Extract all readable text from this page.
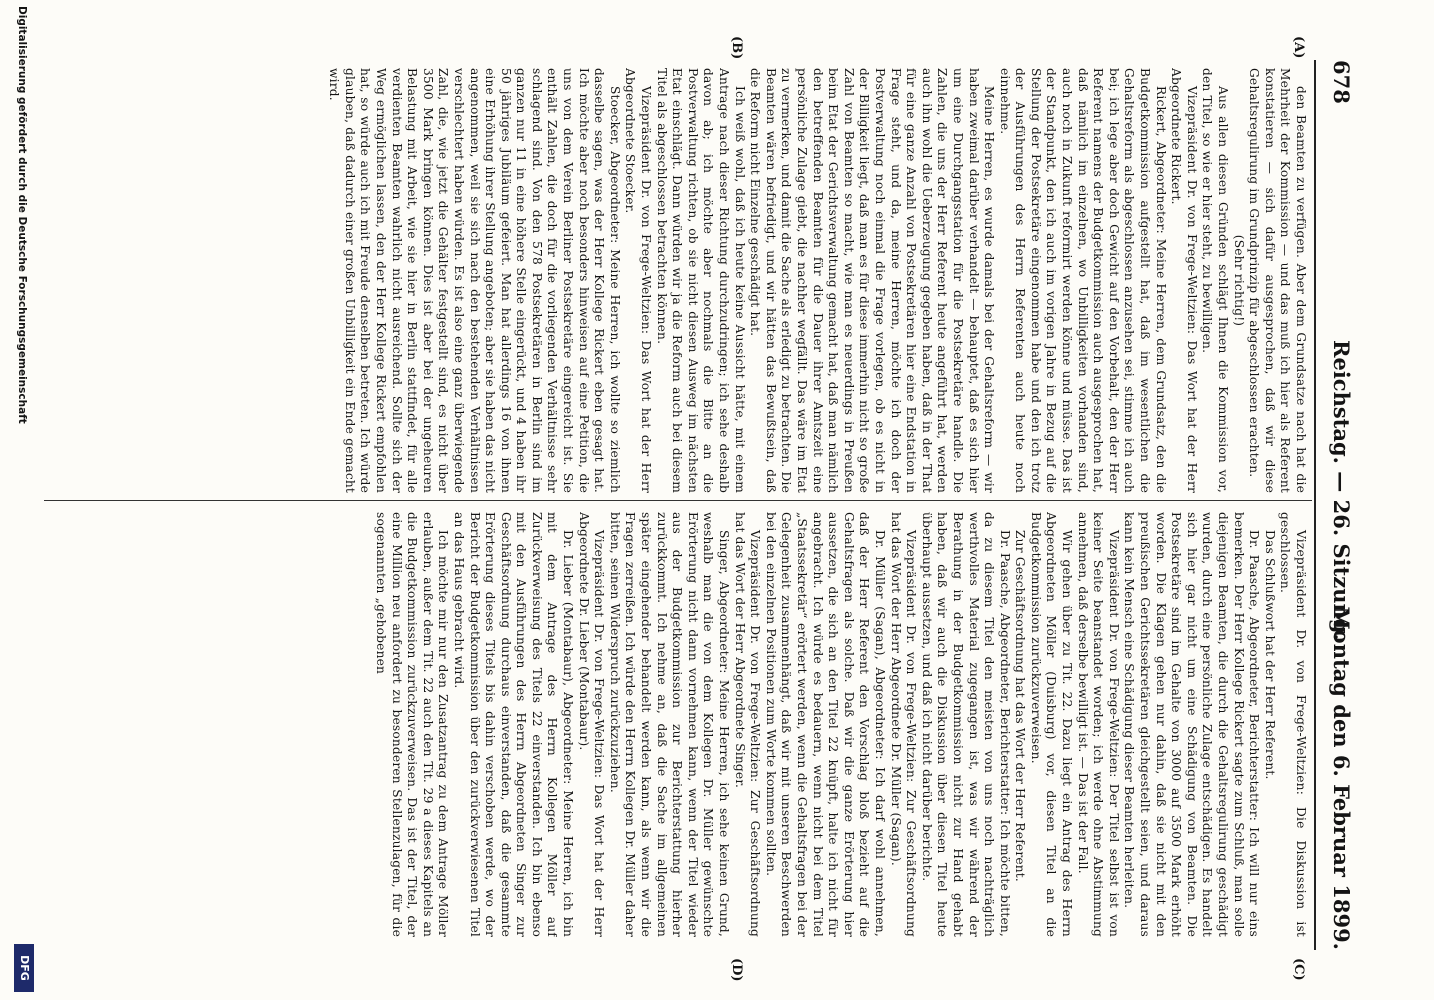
678
Reichstag. — 26. Sitzung.
Montag den 6. Februar 1899.
(A)
(B)
(C)
(D)

den Beamten zu verfügen. Aber dem Grundsatze nach hat die Mehrheit der Kommission — und das muß ich hier als Referent konstatieren — sich dafür ausgesprochen, daß wir diese Gehaltsregulirung im Grundprinzip für abgeschlossen erachten.

(Sehr richtig!)

Aus allen diesen Gründen schlägt Ihnen die Kommission vor, den Titel, so wie er hier steht, zu bewilligen.

Vizepräsident Dr. von Frege-Weltzien: Das Wort hat der Herr Abgeordnete Rickert.

Rickert, Abgeordneter: Meine Herren, dem Grundsatz, den die Budgetkommission aufgestellt hat, daß im wesentlichen die Gehaltsreform als abgeschlossen anzusehen sei, stimme ich auch bei; ich lege aber doch Gewicht auf den Vorbehalt, den der Herr Referent namens der Budgetkommission auch ausgesprochen hat, daß nämlich im einzelnen, wo Unbilligkeiten vorhanden sind, auch noch in Zukunft reformirt werden könne und müsse. Das ist der Standpunkt, den ich auch im vorigen Jahre in Bezug auf die Stellung der Postsekretäre eingenommen habe und den ich trotz der Ausführungen des Herrn Referenten auch heute noch einnehme.

Meine Herren, es wurde damals bei der Gehaltsreform — wir haben zweimal darüber verhandelt — behauptet, daß es sich hier um eine Durchgangsstation für die Postsekretäre handle. Die Zahlen, die uns der Herr Referent heute angeführt hat, werden auch ihn wohl die Ueberzeugung gegeben haben, daß in der That für eine ganze Anzahl von Postsekretären hier eine Endstation in Frage steht, und da, meine Herren, möchte ich doch der Postverwaltung noch einmal die Frage vorlegen, ob es nicht in der Billigkeit liegt, daß man es für diese immerhin nicht so große Zahl von Beamten so macht, wie man es neuerdings in Preußen beim Etat der Gerichtsverwaltung gemacht hat, daß man nämlich den betreffenden Beamten für die Dauer ihrer Amtszeit eine persönliche Zulage giebt, die nachher wegfällt. Das wäre im Etat zu vermerken, und damit die Sache als erledigt zu betrachten. Die Beamten wären befriedigt, und wir hätten das Bewußtsein, daß die Reform nicht Einzelne geschädigt hat.

Ich weiß wohl, daß ich heute keine Aussicht hätte, mit einem Antrage nach dieser Richtung durchzudringen; ich sehe deshalb davon ab; ich möchte aber nochmals die Bitte an die Postverwaltung richten, ob sie nicht diesen Ausweg im nächsten Etat einschlägt. Dann würden wir ja die Reform auch bei diesem Titel als abgeschlossen betrachten können.

Vizepräsident Dr. von Frege-Weltzien: Das Wort hat der Herr Abgeordnete Stoecker.

Stoecker, Abgeordneter: Meine Herren, ich wollte so ziemlich dasselbe sagen, was der Herr Kollege Rickert eben gesagt hat. Ich möchte aber noch besonders hinweisen auf eine Petition, die uns von dem Verein Berliner Postsekretäre eingereicht ist. Sie enthält Zahlen, die doch für die vorliegenden Verhältnisse sehr schlagend sind. Von den 578 Postsekretären in Berlin sind im ganzen nur 11 in eine höhere Stelle eingerückt, und 4 haben ihr 50 jähriges Jubiläum gefeiert. Man hat allerdings 16 von ihnen eine Erhöhung ihrer Stellung angeboten; aber sie haben das nicht angenommen, weil sie sich nach den bestehenden Verhältnissen verschlechtert haben würden. Es ist also eine ganz überwiegende Zahl, die, wie jetzt die Gehälter festgestellt sind, es nicht über 3500 Mark bringen können. Dies ist aber bei der ungeheuren Belastung mit Arbeit, wie sie hier in Berlin stattfindet, für alle verdienten Beamten wahrlich nicht ausreichend. Sollte sich der Weg ermöglichen lassen, den der Herr Kollege Rickert empfohlen hat, so würde auch ich mit Freude denselben betreten. Ich würde glauben, daß dadurch einer großen Unbilligkeit ein Ende gemacht wird.

Vizepräsident Dr. von Frege-Weltzien: Die Diskussion ist geschlossen.

Das Schlußwort hat der Herr Referent.

Dr. Paasche, Abgeordneter, Berichterstatter: Ich will nur eins bemerken. Der Herr Kollege Rickert sagte zum Schluß, man solle diejenigen Beamten, die durch die Gehaltsregulirung geschädigt wurden, durch eine persönliche Zulage entschädigen. Es handelt sich hier gar nicht um eine Schädigung von Beamten. Die Postsekretäre sind im Gehalte von 3000 auf 3500 Mark erhöht worden. Die Klagen gehen nur dahin, daß sie nicht mit den preußischen Gerichtssekretären gleichgestellt seien, und daraus kann kein Mensch eine Schädigung dieser Beamten herleiten.

Vizepräsident Dr. von Frege-Weltzien: Der Titel selbst ist von keiner Seite beanstandet worden; ich werde ohne Abstimmung annehmen, daß derselbe bewilligt ist. — Das ist der Fall.

Wir gehen über zu Tit. 22. Dazu liegt ein Antrag des Herrn Abgeordneten Möller (Duisburg) vor, diesen Titel an die Budgetkommission zurückzuverweisen.

Zur Geschäftsordnung hat das Wort der Herr Referent.

Dr. Paasche, Abgeordneter, Berichterstatter: Ich möchte bitten, da zu diesem Titel den meisten von uns noch nachträglich werthvolles Material zugegangen ist, was wir während der Berathung in der Budgetkommission nicht zur Hand gehabt haben, daß wir auch die Diskussion über diesen Titel heute überhaupt aussetzen, und daß ich nicht darüber berichte.

Vizepräsident Dr. von Frege-Weltzien: Zur Geschäftsordnung hat das Wort der Herr Abgeordnete Dr. Müller (Sagan).

Dr. Müller (Sagan), Abgeordneter: Ich darf wohl annehmen, daß der Herr Referent den Vorschlag bloß bezieht auf die Gehaltsfragen als solche. Daß wir die ganze Erörterung hier aussetzen, die sich an den Titel 22 knüpft, halte ich nicht für angebracht. Ich würde es bedauern, wenn nicht bei dem Titel „Staatssekretär“ erörtert werden, wenn die Gehaltsfragen bei der Gelegenheit zusammenhängt, daß wir mit unseren Beschwerden bei den einzelnen Positionen zum Worte kommen sollten.

Vizepräsident Dr. von Frege-Weltzien: Zur Geschäftsordnung hat das Wort der Herr Abgeordnete Singer.

Singer, Abgeordneter: Meine Herren, ich sehe keinen Grund, weshalb man die von dem Kollegen Dr. Müller gewünschte Erörterung nicht dann vornehmen kann, wenn der Titel wieder aus der Budgetkommission zur Berichterstattung hierher zurückkommt. Ich nehme an, daß die Sache im allgemeinen später eingehender behandelt werden kann, als wenn wir die Fragen zerreißen. Ich würde den Herrn Kollegen Dr. Müller daher bitten, seinen Widerspruch zurückzuziehen.

Vizepräsident Dr. von Frege-Weltzien: Das Wort hat der Herr Abgeordnete Dr. Lieber (Montabaur).

Dr. Lieber (Montabaur), Abgeordneter: Meine Herren, ich bin mit dem Antrage des Herrn Kollegen Möller auf Zurückverweisung des Titels 22 einverstanden. Ich bin ebenso mit den Ausführungen des Herrn Abgeordneten Singer zur Geschäftsordnung durchaus einverstanden, daß die gesammte Erörterung dieses Titels bis dahin verschoben werde, wo der Bericht der Budgetkommission über den zurückverwiesenen Titel an das Haus gebracht wird.

Ich möchte mir nur den Zusatzantrag zu dem Antrage Möller erlauben, außer dem Tit. 22 auch den Tit. 29 a dieses Kapitels an die Budgetkommission zurückzuverweisen. Das ist der Titel, der eine Million neu anfordert zu besonderen Stellenzulagen, für die sogenannten „gehobenen

Digitalisierung gefördert durch die Deutsche Forschungsgemeinschaft
DFG
